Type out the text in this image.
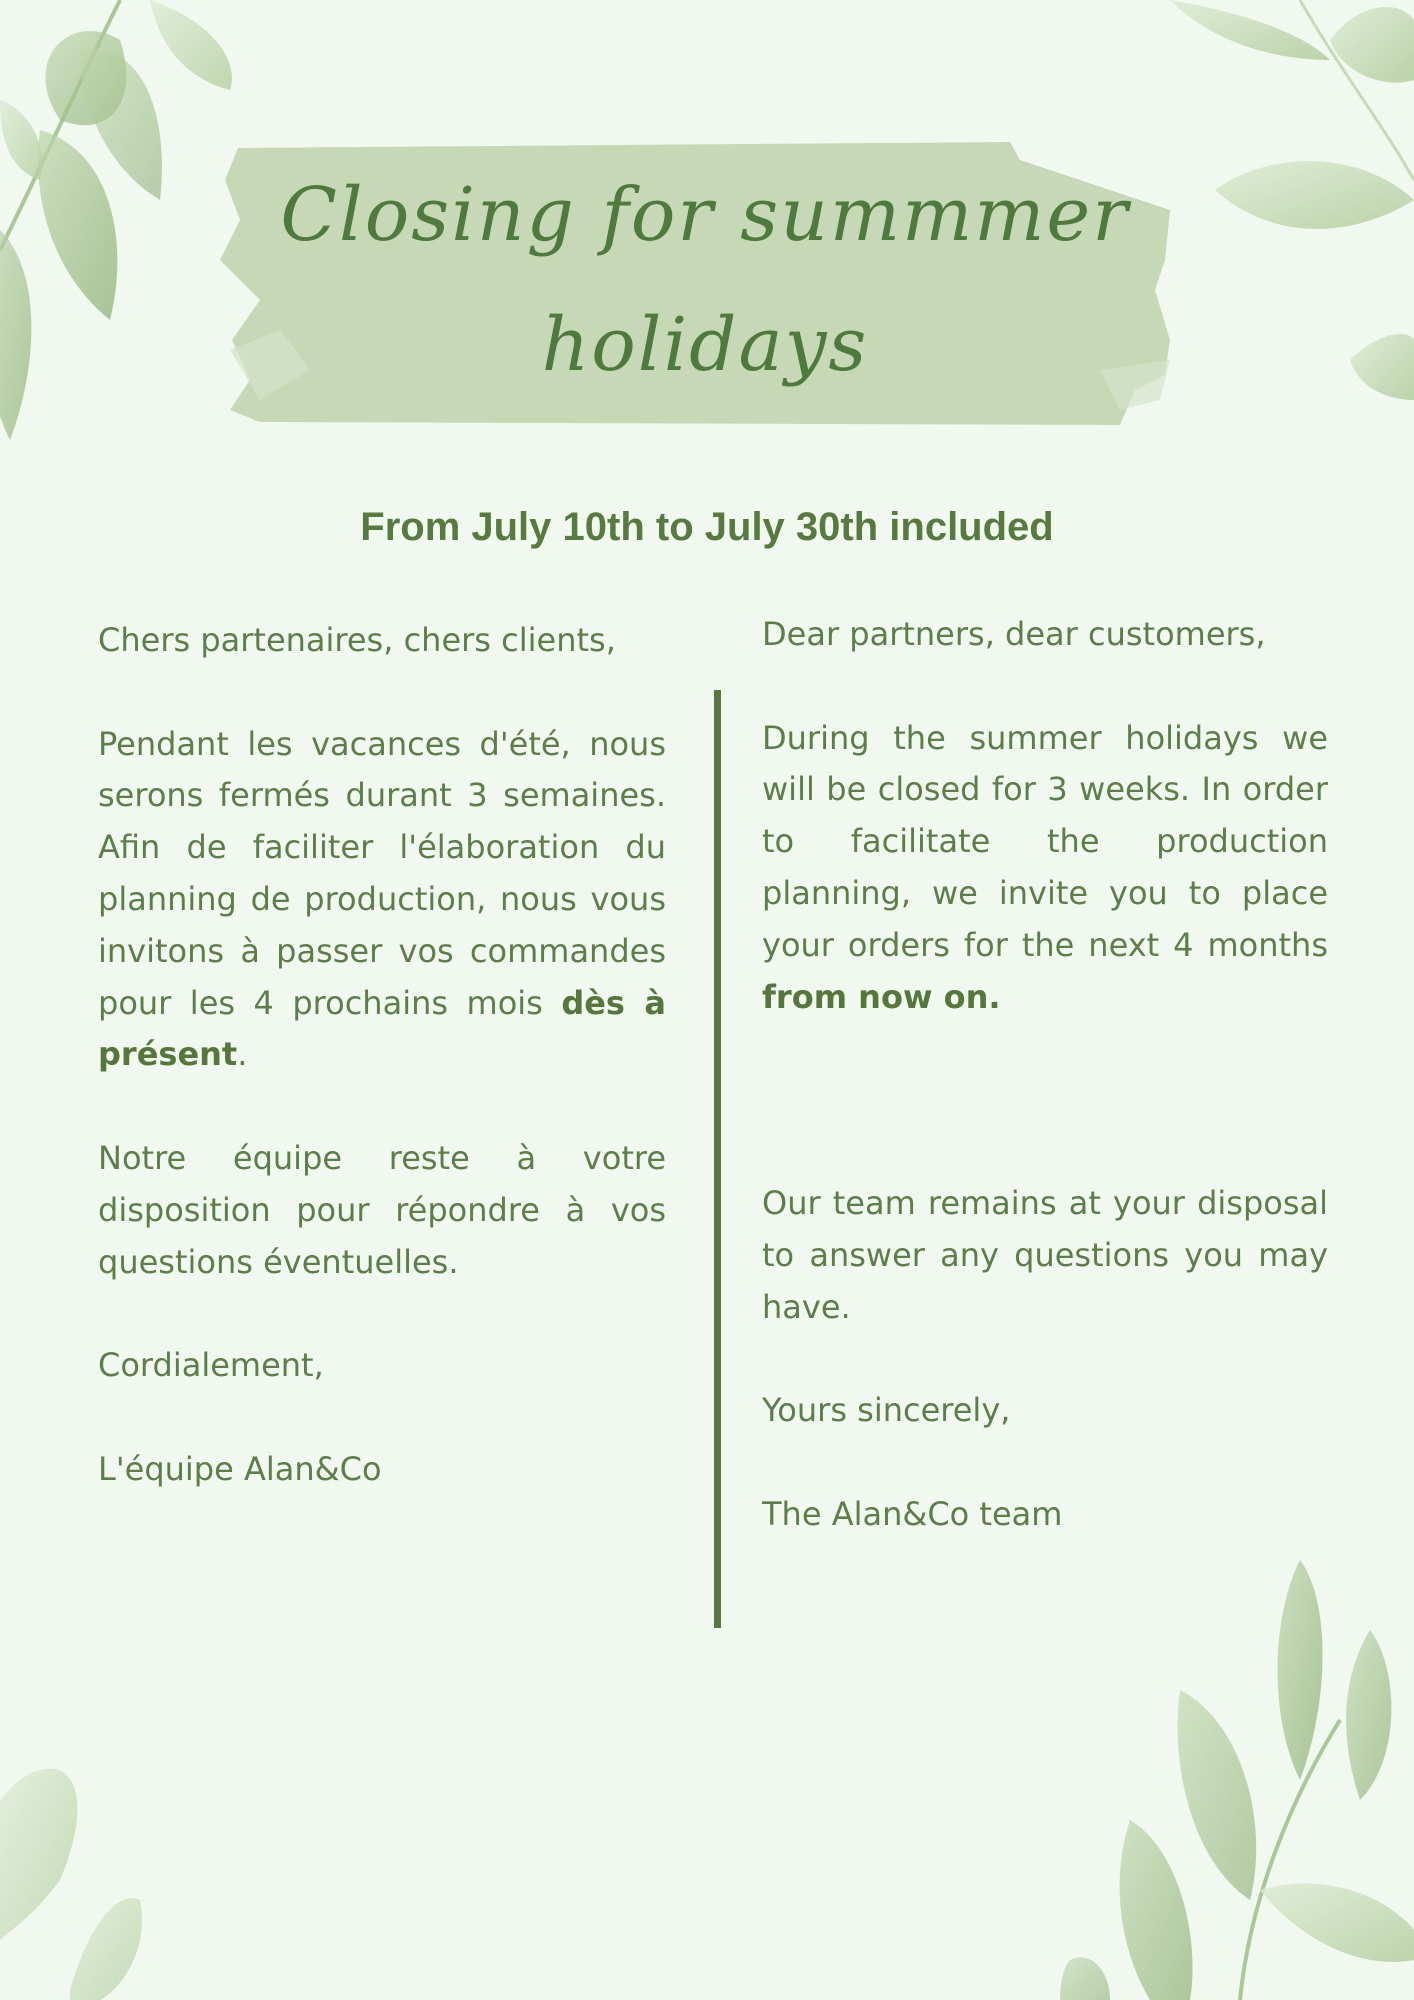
Closing for summmer
holidays
From July 10th to July 30th included

Chers partenaires, chers clients,

Pendant les vacances d'été, nous serons fermés durant 3 semaines. Afin de faciliter l'élaboration du planning de production, nous vous invitons à passer vos commandes pour les 4 prochains mois dès à présent.

Notre équipe reste à votre disposition pour répondre à vos questions éventuelles.

Cordialement,

L'équipe Alan&Co

Dear partners, dear customers,

During the summer holidays we will be closed for 3 weeks. In order to facilitate the production planning, we invite you to place your orders for the next 4 months from now on.

Our team remains at your disposal to answer any questions you may have.

Yours sincerely,

The Alan&Co team
